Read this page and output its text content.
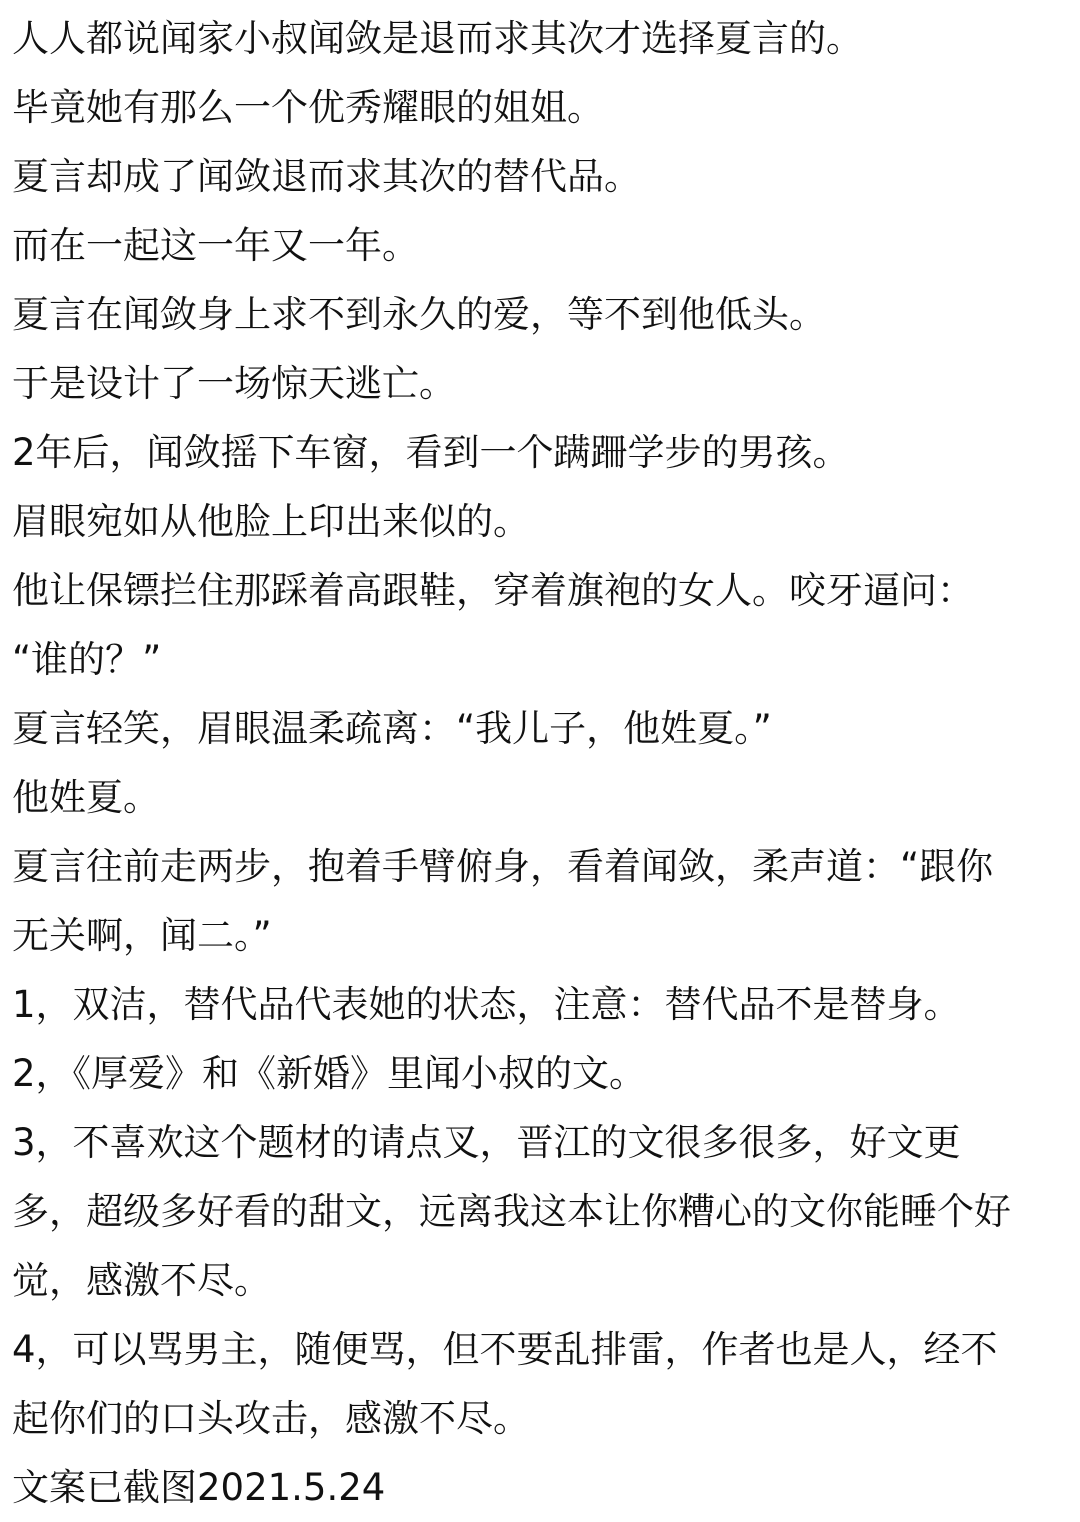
人人都说闻家小叔闻敛是退而求其次才选择夏言的。

毕竟她有那么一个优秀耀眼的姐姐。

夏言却成了闻敛退而求其次的替代品。

而在一起这一年又一年。

夏言在闻敛身上求不到永久的爱，等不到他低头。

于是设计了一场惊天逃亡。

2年后，闻敛摇下车窗，看到一个蹒跚学步的男孩。

眉眼宛如从他脸上印出来似的。

他让保镖拦住那踩着高跟鞋，穿着旗袍的女人。咬牙逼问：

“谁的？”

夏言轻笑，眉眼温柔疏离：“我儿子，他姓夏。”

他姓夏。

夏言往前走两步，抱着手臂俯身，看着闻敛，柔声道：“跟你

无关啊，闻二。”

1，双洁，替代品代表她的状态，注意：替代品不是替身。

2，《厚爱》和《新婚》里闻小叔的文。

3，不喜欢这个题材的请点叉，晋江的文很多很多，好文更

多，超级多好看的甜文，远离我这本让你糟心的文你能睡个好

觉，感激不尽。

4，可以骂男主，随便骂，但不要乱排雷，作者也是人，经不

起你们的口头攻击，感激不尽。

文案已截图2021.5.24
